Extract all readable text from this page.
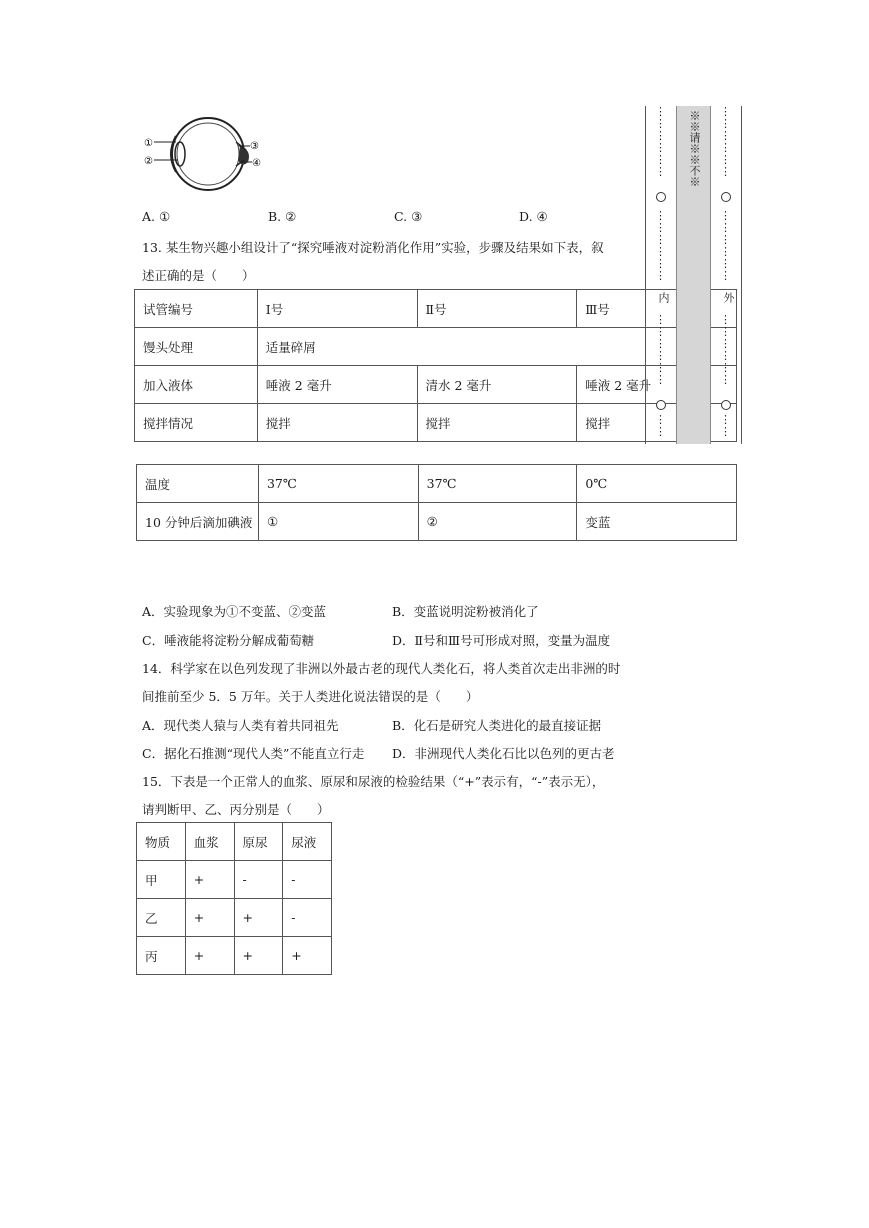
①
②
③
④
A. ①	B. ②	C. ③	D. ④
13. 某生物兴趣小组设计了“探究唾液对淀粉消化作用”实验，步骤及结果如下表，叙
述正确的是（　　）
试管编号	Ⅰ号	Ⅱ号	Ⅲ号
馒头处理	适量碎屑		
加入液体	唾液 2 毫升	清水 2 毫升	唾液 2 毫升
搅拌情况	搅拌	搅拌	搅拌
⋮
⋮
⋮
⋮
⋮
⋮
⋮
⋮
⋮
⋮
⋮
⋮
内
⋮
⋮
⋮
⋮
⋮
⋮
⋮
⋮
※※请※※不※ ⋮
⋮
⋮
⋮
⋮
⋮
⋮
⋮
⋮
⋮
⋮
⋮
外
⋮
⋮
⋮
⋮
⋮
⋮
⋮
⋮
温度	37℃	37℃	0℃
10 分钟后滴加碘液	①	②	变蓝
A．实验现象为①不变蓝、②变蓝	B．变蓝说明淀粉被消化了
C．唾液能将淀粉分解成葡萄糖	D．Ⅱ号和Ⅲ号可形成对照，变量为温度
14．科学家在以色列发现了非洲以外最古老的现代人类化石，将人类首次走出非洲的时
间推前至少 5．5 万年。关于人类进化说法错误的是（　　）
A．现代类人猿与人类有着共同祖先	B．化石是研究人类进化的最直接证据
C．据化石推测“现代人类”不能直立行走 D．非洲现代人类化石比以色列的更古老
15．下表是一个正常人的血浆、原尿和尿液的检验结果（“+”表示有，“-”表示无），
请判断甲、乙、丙分别是（　　）
物质	血浆	原尿	尿液
甲	+	-	-
乙	+	+	-
丙	+	+	+
